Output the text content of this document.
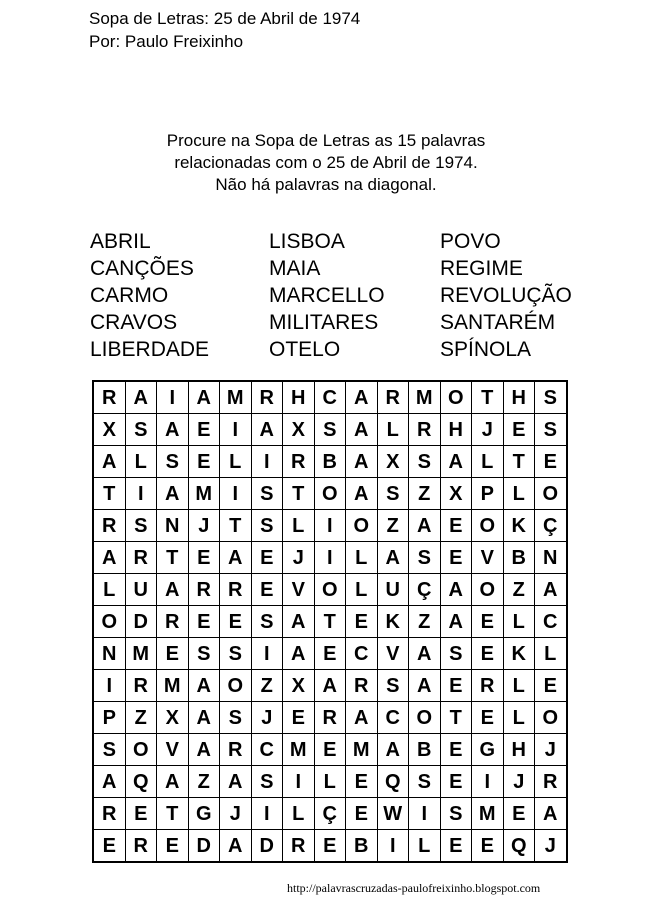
Sopa de Letras: 25 de Abril de 1974
Por: Paulo Freixinho
Procure na Sopa de Letras as 15 palavras
relacionadas com o 25 de Abril de 1974.
Não há palavras na diagonal.
ABRIL
CANÇÕES
CARMO
CRAVOS
LIBERDADE
LISBOA
MAIA
MARCELLO
MILITARES
OTELO
POVO
REGIME
REVOLUÇÃO
SANTARÉM
SPÍNOLA
R	A	I	A	M	R	H	C	A	R	M	O	T	H	S
X	S	A	E	I	A	X	S	A	L	R	H	J	E	S
A	L	S	E	L	I	R	B	A	X	S	A	L	T	E
T	I	A	M	I	S	T	O	A	S	Z	X	P	L	O
R	S	N	J	T	S	L	I	O	Z	A	E	O	K	Ç
A	R	T	E	A	E	J	I	L	A	S	E	V	B	N
L	U	A	R	R	E	V	O	L	U	Ç	A	O	Z	A
O	D	R	E	E	S	A	T	E	K	Z	A	E	L	C
N	M	E	S	S	I	A	E	C	V	A	S	E	K	L
I	R	M	A	O	Z	X	A	R	S	A	E	R	L	E
P	Z	X	A	S	J	E	R	A	C	O	T	E	L	O
S	O	V	A	R	C	M	E	M	A	B	E	G	H	J
A	Q	A	Z	A	S	I	L	E	Q	S	E	I	J	R
R	E	T	G	J	I	L	Ç	E	W	I	S	M	E	A
E	R	E	D	A	D	R	E	B	I	L	E	E	Q	J
http://palavrascruzadas-paulofreixinho.blogspot.com
